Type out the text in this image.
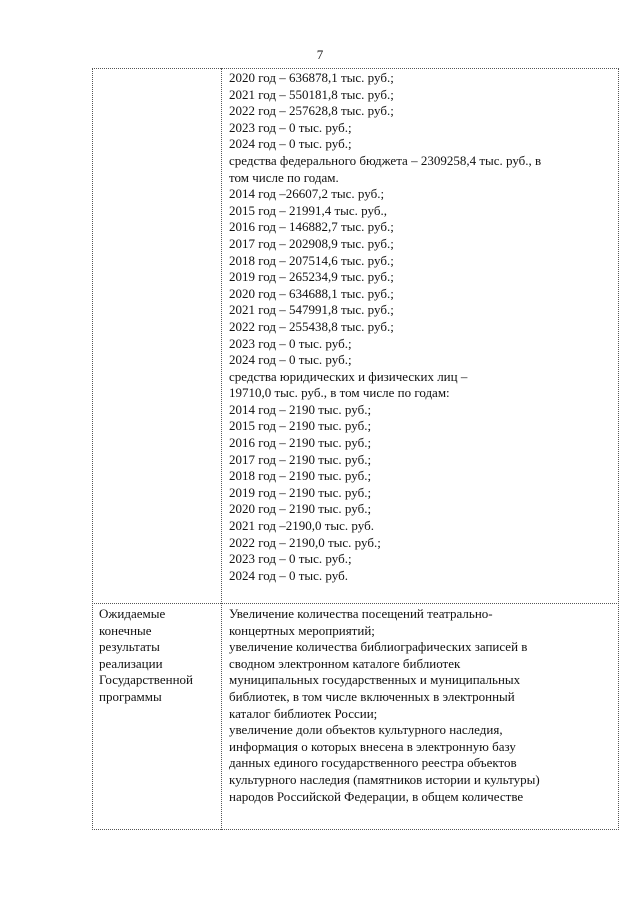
7
2020 год – 636878,1 тыс. руб.;
2021 год – 550181,8 тыс. руб.;
2022 год – 257628,8 тыс. руб.;
2023 год – 0 тыс. руб.;
2024 год – 0 тыс. руб.;
средства федерального бюджета – 2309258,4 тыс. руб., в
том числе по годам.
2014 год –26607,2 тыс. руб.;
2015 год – 21991,4 тыс. руб.,
2016 год – 146882,7 тыс. руб.;
2017 год – 202908,9 тыс. руб.;
2018 год – 207514,6 тыс. руб.;
2019 год – 265234,9 тыс. руб.;
2020 год – 634688,1 тыс. руб.;
2021 год – 547991,8 тыс. руб.;
2022 год – 255438,8 тыс. руб.;
2023 год – 0 тыс. руб.;
2024 год – 0 тыс. руб.;
средства юридических и физических лиц –
19710,0 тыс. руб., в том числе по годам:
2014 год – 2190 тыс. руб.;
2015 год – 2190 тыс. руб.;
2016 год – 2190 тыс. руб.;
2017 год – 2190 тыс. руб.;
2018 год – 2190 тыс. руб.;
2019 год – 2190 тыс. руб.;
2020 год – 2190 тыс. руб.;
2021 год –2190,0 тыс. руб.
2022 год – 2190,0 тыс. руб.;
2023 год – 0 тыс. руб.;
2024 год – 0 тыс. руб.
Ожидаемые
конечные
результаты
реализации
Государственной
программы
Увеличение количества посещений театрально-
концертных мероприятий;
увеличение количества библиографических записей в
сводном электронном каталоге библиотек
муниципальных государственных и муниципальных
библиотек, в том числе включенных в электронный
каталог библиотек России;
увеличение доли объектов культурного наследия,
информация о которых внесена в электронную базу
данных единого государственного реестра объектов
культурного наследия (памятников истории и культуры)
народов Российской Федерации, в общем количестве
